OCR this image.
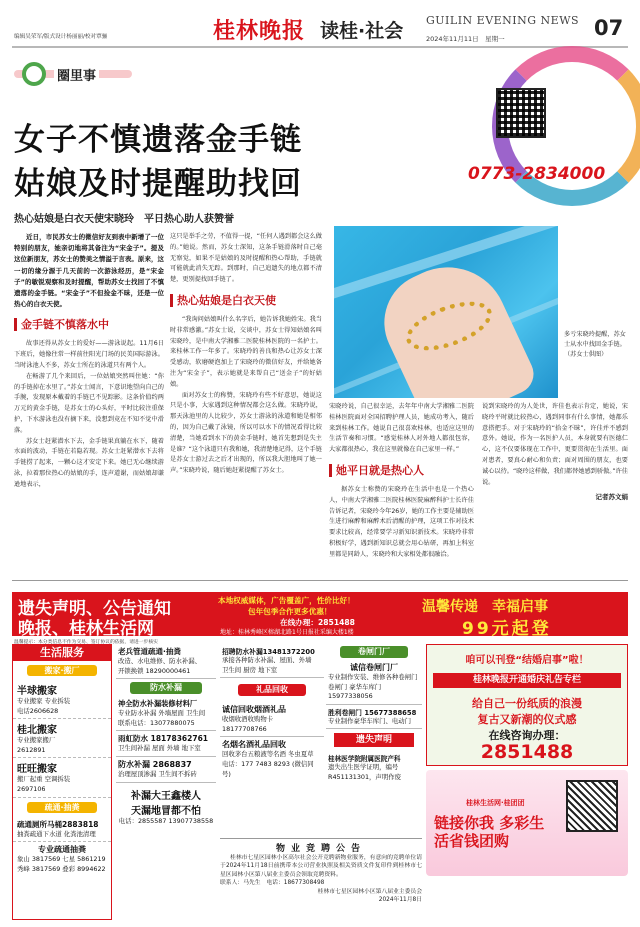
编辑吴荣军/版式设计杨丽丽/校对覃骊	桂林晚报 读桂·社会 GUILIN EVENING NEWS
2024年11月11日　星期一	07
圈里事
女子不慎遗落金手链
姑娘及时提醒助找回
热心姑娘是白衣天使宋晓玲　平日热心助人获赞誉
0773-2834000

近日，市民苏女士的微信好友到表中新增了一位特别的朋友，她亲切地将其备注为“宋金子”。提及这位新朋友，苏女士的赞美之情溢于言表。原来，这一切的缘分源于几天前的一次游泳经历，是“宋金子”的敏锐观察和及时提醒，帮助苏女士找回了不慎遗落的金手链。“宋金子”不但捡金不昧，还是一位热心的白衣天使。

金手链不慎落水中

故事还得从苏女士的爱好——游泳说起。11月6日下班后，她像往常一样前往阳光门场的民美国际游泳。当时泳池人不多，苏女士所在的泳道只有两个人。

在畅游了几个来回后，一位姑娘突然叫住她：“你的手链掉在水里了。”苏女士闻言，下意识地望向自己的手腕，发现原本戴着的手链已不见踪影。这条价值约两万元的黄金手链，是苏女士的心头好，平时比较注重保护，下水游泳也没有摘下来，没想到竟在不知不觉中滑落。

苏女士赶紧潜水下去，金手链果真躺在水下，随着水面的波动，手链在若隐若现。苏女士赶紧潜水下去将手链捞了起来，一颗心这才安定下来。她已无心继续游泳，拉着那位热心的姑娘的手，连声道谢，而姑娘却谦逊地表示，

这只是举手之劳，不值得一提，“任何人遇到都会这么做的。”她说。然而，苏女士深知，这条手链滑落时自己毫无察觉，如果不是姑娘的及时提醒和热心帮助，手链就可能就此消失无踪。到那时，自己追遗失的地点都不清楚，更别提找回手链了。

热心姑娘是白衣天使

“我询问姑娘叫什么名字后，她告诉我她姓宋。我当时非常感激。”苏女士说，交谈中，苏女士得知姑娘名叫宋晓玲，是中南大学湘雅二医院桂林医院的一名护士。来桂林工作一年多了。宋晓玲的善良和热心让苏女士深受感动，软磨硬泡加上了宋晓玲的微信好友，并给她备注为“宋金子”，表示她就是来帮自己“送金子”的好姑娘。

面对苏女士的称赞，宋晓玲有些不好意思，她说这只是小事，大家遇到这种情况都会这么做。宋晓玲说，那天泳池里的人比较少，苏女士游泳的泳道和她是相邻的，因为自己戴了泳镜，所以可以水下的情况看得比较清楚，当她看到水下的黄金手链时，她首先想到是失主是谁？“这个泳道只有我和她，我清楚地记得，这个手链是苏女士游过去之后才出现的，所以我大胆地叫了她一声。”宋晓玲说，随后她赶紧提醒了苏女士。

多亏宋晓玲提醒，苏女士从水中找回金手链。（苏女士供图）

宋晓玲说，自己很幸运，去年年中南大学湘雅二医院桂林医院面对全国招聘护理人员，她成功考入，随后来到桂林工作。她说自己很喜欢桂林，也适应这里的生活节奏和习惯。“感觉桂林人对外地人都很包容，大家都很热心，我在这里就像在自己家里一样。”

她平日就是热心人

据苏女士称赞的宋晓玲在生活中也是一个热心人，中南大学湘雅二医院桂林医院麻醉科护士长许佳告诉记者，宋晓玲今年26岁，她的工作主要是辅助医生进行麻醉和麻醉术后清醒的护理，这项工作对技术要求比较高，经常要学习新知识新技术。宋晓玲非常积极好学，遇到新知识总就会用心钻研，再加上科室里都是同龄人，宋晓玲和大家相处都很融洽。

说到宋晓玲的为人处世，许佳也表示肯定，她说，宋晓玲平时就比较热心，遇到同事有什么事情，她都乐意搭把手。对于宋晓玲的“拾金不昧”，许佳并不感到意外。她说，作为一名医护人员，本身就要有医德仁心，这不仅要体现在工作中，更要贯彻在生活里。面对患者，要真心耐心和负责；面对周围的朋友，也要诚心以待。“晓玲这样做，我们都替她感到骄傲。”许佳说。

记者苏文娟
遗失声明、公告通知
晚报、桂林生活网
本地权威媒体，广告覆盖广，性价比好！
包年包季合作更多优惠！
在线办理：2851488
地址：桂林秀峰区榕湖北路1号日报社采编大楼1楼
温馨传递　幸福启事
99元起登
温馨提示：本分类信息不作为交易、签订协议的依据，请进一步核实
生活服务
搬家·搬厂
半球搬家
专业搬家 专业拆装
电话2606628
桂北搬家
专业搬家搬厂
2612891
旺旺搬家
搬厂起重 空调拆装
2697106
疏通·抽粪
疏通厕所马桶2883818
抽粪疏通下水道 化粪池清理
专业疏通抽粪
象山 3817569 七星 5861219
秀峰 3817569 叠彩 8994622
老兵管道疏通·抽粪
改造、水电维修、防水补漏、
开锁换锁 18290000461
防水补漏
神全防水补漏装修材料厂
专业防水补漏 外墙屋面 卫生间
联系电话：13077880075
雨虹防水 18178362761
卫生间补漏 屋面 外墙 地下室
防水补漏 2868837
治理屋顶渗漏 卫生间不拆砖
补漏大王鑫楼人
天漏地冒都不怕
电话：2855587 13907738558
招聘防水补漏13481372200
承接各种防水补漏、屋面、外墙
卫生间 厨房 地下室
礼品回收
诚信回收烟酒礼品
收烟收酒收购物卡
18177708766
名烟名酒礼品回收
回收茅台五粮液等名酒 冬虫夏草
电话：177 7483 8293 (微信同号)
卷闸门厂
诚信卷闸门厂
专业制作安装、维修各种卷闸门
卷闸门 豪华车库门15977338056
胜利卷闸门 15677388658
专业制作豪华车库门、电动门
遗失声明
桂林医学院附属医院产科
遗失出生医学证明，编号
R451131301，声明作废
咱可以刊登“结婚启事”啦！
桂林晚报开通婚庆礼告专栏
给自己一份纸质的浪漫
复古又新潮的仪式感
在线咨询办理：
2851488
桂林生活网·桂团团
链接你我 多彩生活省钱团购
物业竞聘公告
桂林市七星区园林小区高尔社会公开竞聘新物业服务，有意向的竞聘单位请于2024年11月18日前携带本公司营业执照及相关资质文件复印件到桂林市七星区园林小区第八届业主委员会领取竞聘资料。
联系人：马先生　电话：18677308498
桂林市七星区园林小区第八届业主委员会
2024年11月8日
